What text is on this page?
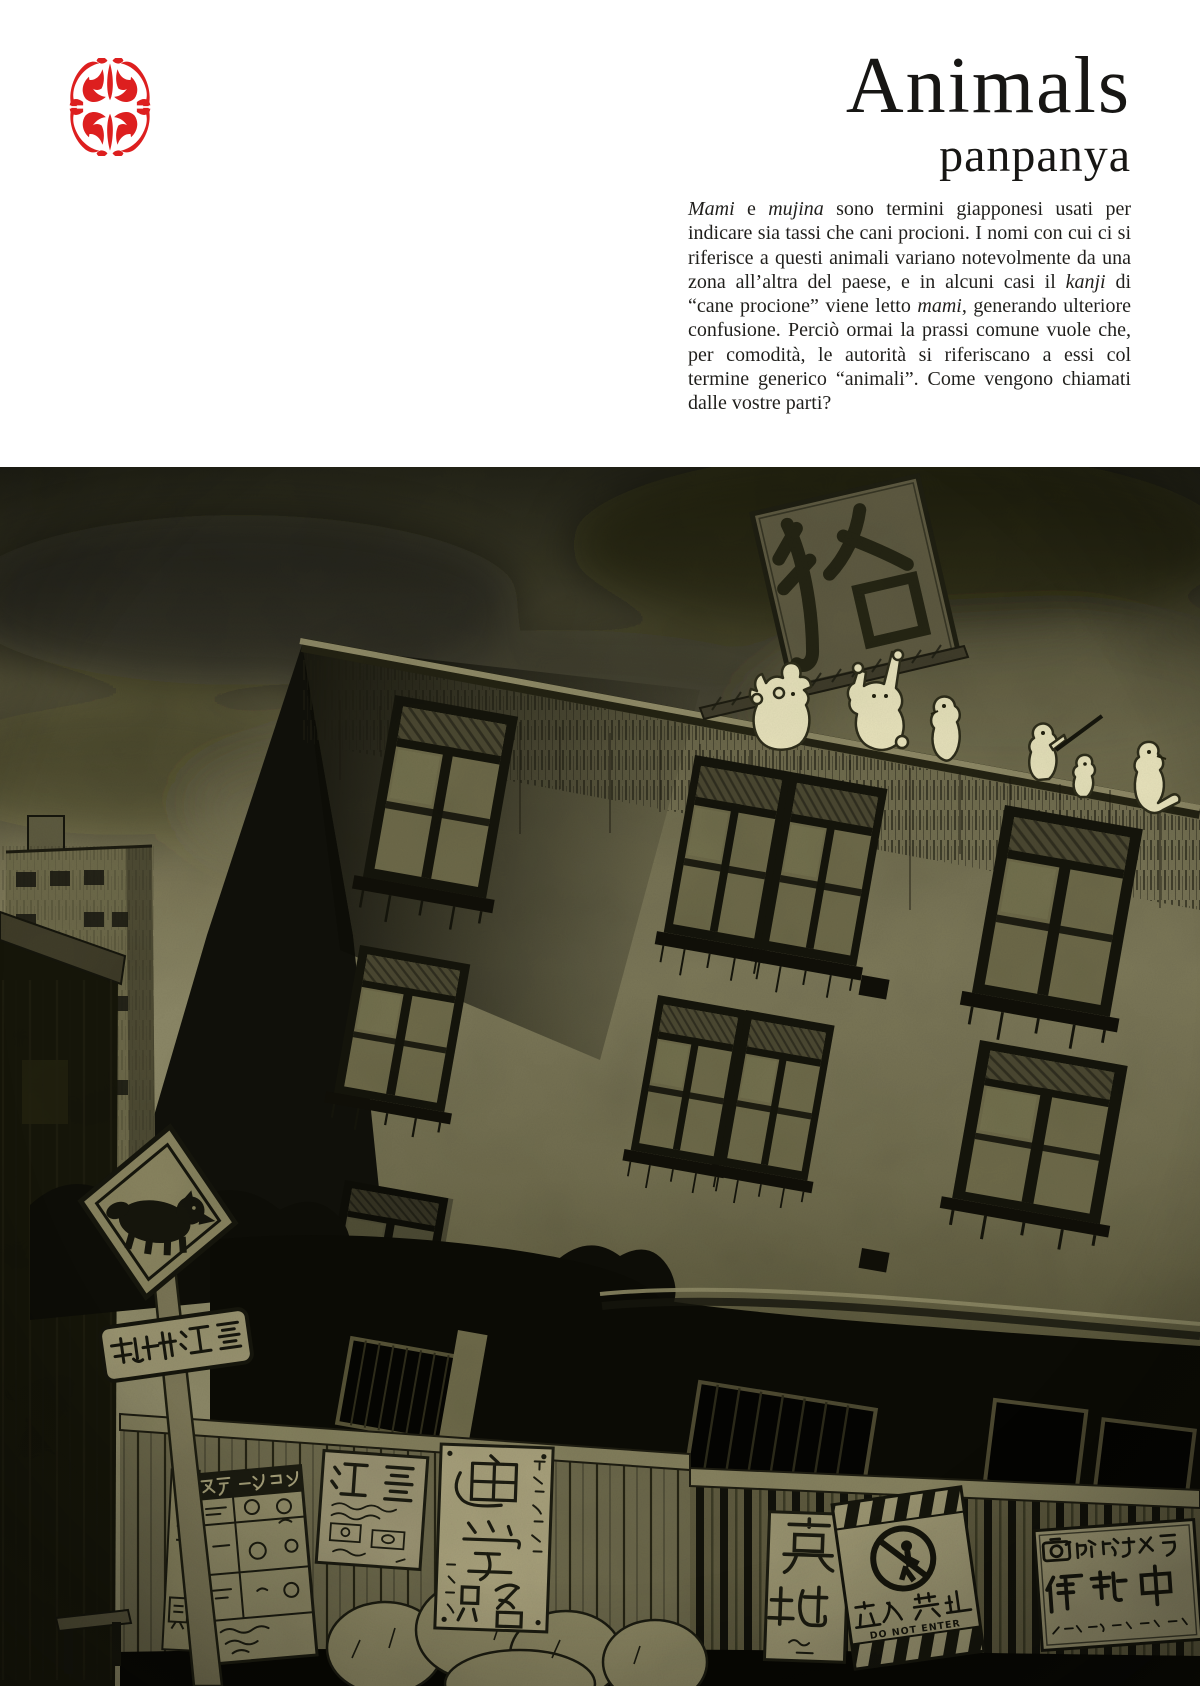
Animals
panpanya

Mami e mujina sono termini giapponesi usati per indicare sia tassi che cani procioni. I nomi con cui ci si riferisce a questi animali variano notevolmente da una zona all’altra del paese, e in alcuni casi il kanji di “cane procione” viene letto mami, generando ulteriore confusione. Perciò ormai la prassi comune vuole che, per comodità, le autorità si riferiscano a essi col termine generico “animali”. Come vengono chiamati dalle vostre parti?
